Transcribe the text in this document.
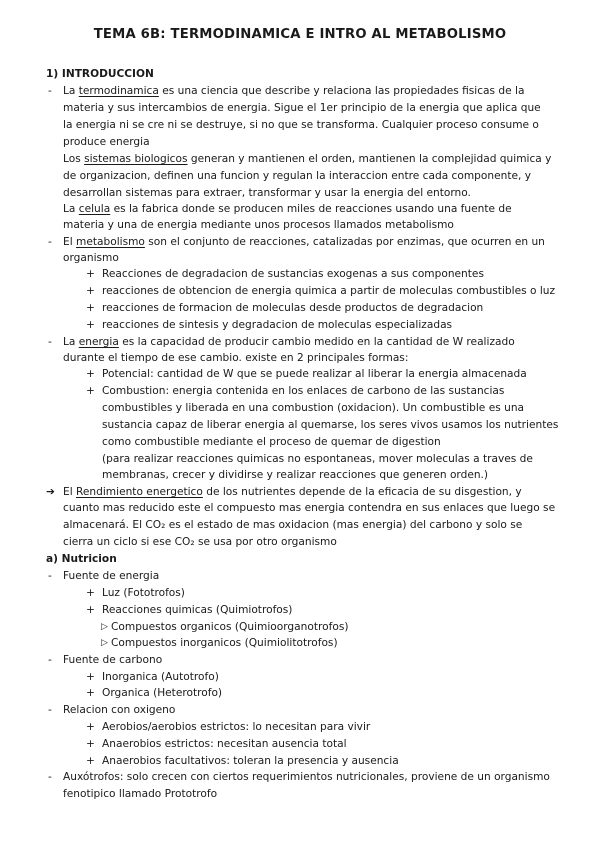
TEMA 6B: TERMODINAMICA E INTRO AL METABOLISMO
1) INTRODUCCION
- La termodinamica es una ciencia que describe y relaciona las propiedades fisicas de la
materia y sus intercambios de energia. Sigue el 1er principio de la energia que aplica que
la energia ni se cre ni se destruye, si no que se transforma. Cualquier proceso consume o
produce energia
Los sistemas biologicos generan y mantienen el orden, mantienen la complejidad quimica y
de organizacion, definen una funcion y regulan la interaccion entre cada componente, y
desarrollan sistemas para extraer, transformar y usar la energia del entorno.
La celula es la fabrica donde se producen miles de reacciones usando una fuente de
materia y una de energia mediante unos procesos llamados metabolismo
- El metabolismo son el conjunto de reacciones, catalizadas por enzimas, que ocurren en un
organismo
+ Reacciones de degradacion de sustancias exogenas a sus componentes
+ reacciones de obtencion de energia quimica a partir de moleculas combustibles o luz
+ reacciones de formacion de moleculas desde productos de degradacion
+ reacciones de sintesis y degradacion de moleculas especializadas
- La energia es la capacidad de producir cambio medido en la cantidad de W realizado
durante el tiempo de ese cambio. existe en 2 principales formas:
+ Potencial: cantidad de W que se puede realizar al liberar la energia almacenada
+ Combustion: energia contenida en los enlaces de carbono de las sustancias
combustibles y liberada en una combustion (oxidacion). Un combustible es una
sustancia capaz de liberar energia al quemarse, los seres vivos usamos los nutrientes
como combustible mediante el proceso de quemar de digestion
(para realizar reacciones quimicas no espontaneas, mover moleculas a traves de
membranas, crecer y dividirse y realizar reacciones que generen orden.)
➔ El Rendimiento energetico de los nutrientes depende de la eficacia de su disgestion, y
cuanto mas reducido este el compuesto mas energia contendra en sus enlaces que luego se
almacenará. El CO₂ es el estado de mas oxidacion (mas energia) del carbono y solo se
cierra un ciclo si ese CO₂ se usa por otro organismo
a) Nutricion
- Fuente de energia
+ Luz (Fototrofos)
+ Reacciones quimicas (Quimiotrofos)
▷ Compuestos organicos (Quimioorganotrofos)
▷ Compuestos inorganicos (Quimiolitotrofos)
- Fuente de carbono
+ Inorganica (Autotrofo)
+ Organica (Heterotrofo)
- Relacion con oxigeno
+ Aerobios/aerobios estrictos: lo necesitan para vivir
+ Anaerobios estrictos: necesitan ausencia total
+ Anaerobios facultativos: toleran la presencia y ausencia
- Auxótrofos: solo crecen con ciertos requerimientos nutricionales, proviene de un organismo
fenotipico llamado Prototrofo
